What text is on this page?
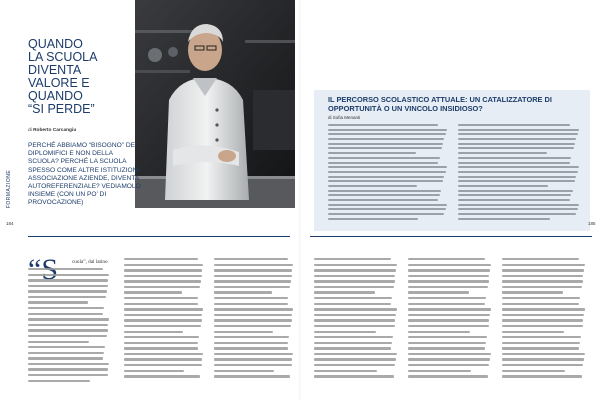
QUANDO
LA SCUOLA
DIVENTA
VALORE E
QUANDO
“SI PERDE”
di Roberto Carcangiu

PERCHÉ ABBIAMO “BISOGNO” DEI DIPLOMIFICI E NON DELLA SCUOLA? PERCHÉ LA SCUOLA SPESSO COME ALTRE ISTITUZIONI ASSOCIAZIONE AZIENDE, DIVENTA AUTOREFERENZIALE? VEDIAMOLO INSIEME (CON UN PO’ DI PROVOCAZIONE)

FORMAZIONE
184
IL PERCORSO SCOLASTICO ATTUALE: UN CATALIZZATORE DI OPPORTUNITÀ O UN VINCOLO INSIDIOSO?
di Sofia Menanti
185
cuola”, dal latino
